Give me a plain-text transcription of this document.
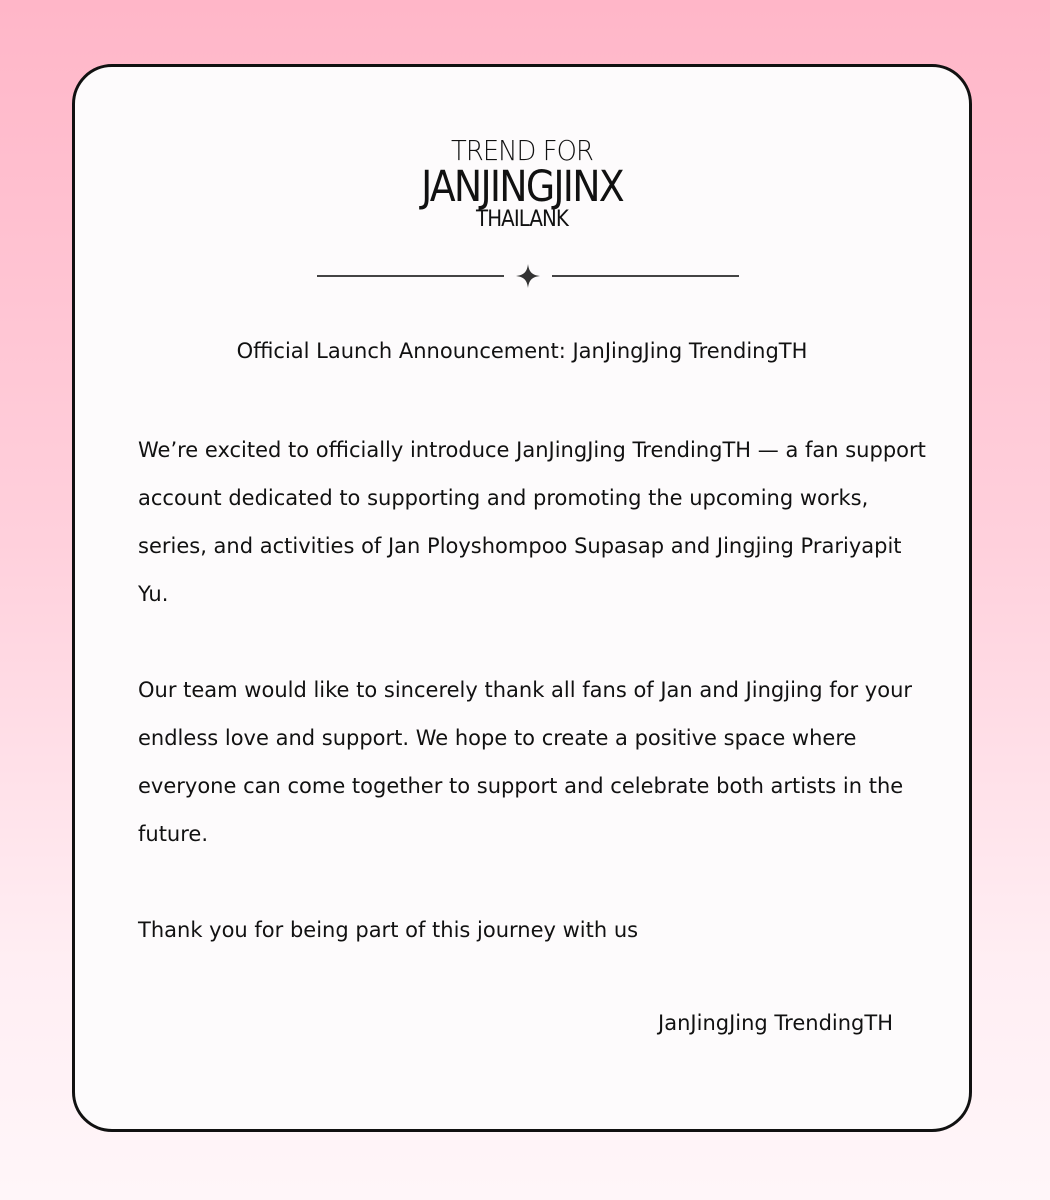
TREND FOR
JANJINGJINX
THAILANK
Official Launch Announcement: JanJingJing TrendingTH

We’re excited to officially introduce JanJingJing TrendingTH — a fan support account dedicated to supporting and promoting the upcoming works, series, and activities of Jan Ployshompoo Supasap and Jingjing Prariyapit Yu.

Our team would like to sincerely thank all fans of Jan and Jingjing for your endless love and support. We hope to create a positive space where everyone can come together to support and celebrate both artists in the future.

Thank you for being part of this journey with us

JanJingJing TrendingTH
